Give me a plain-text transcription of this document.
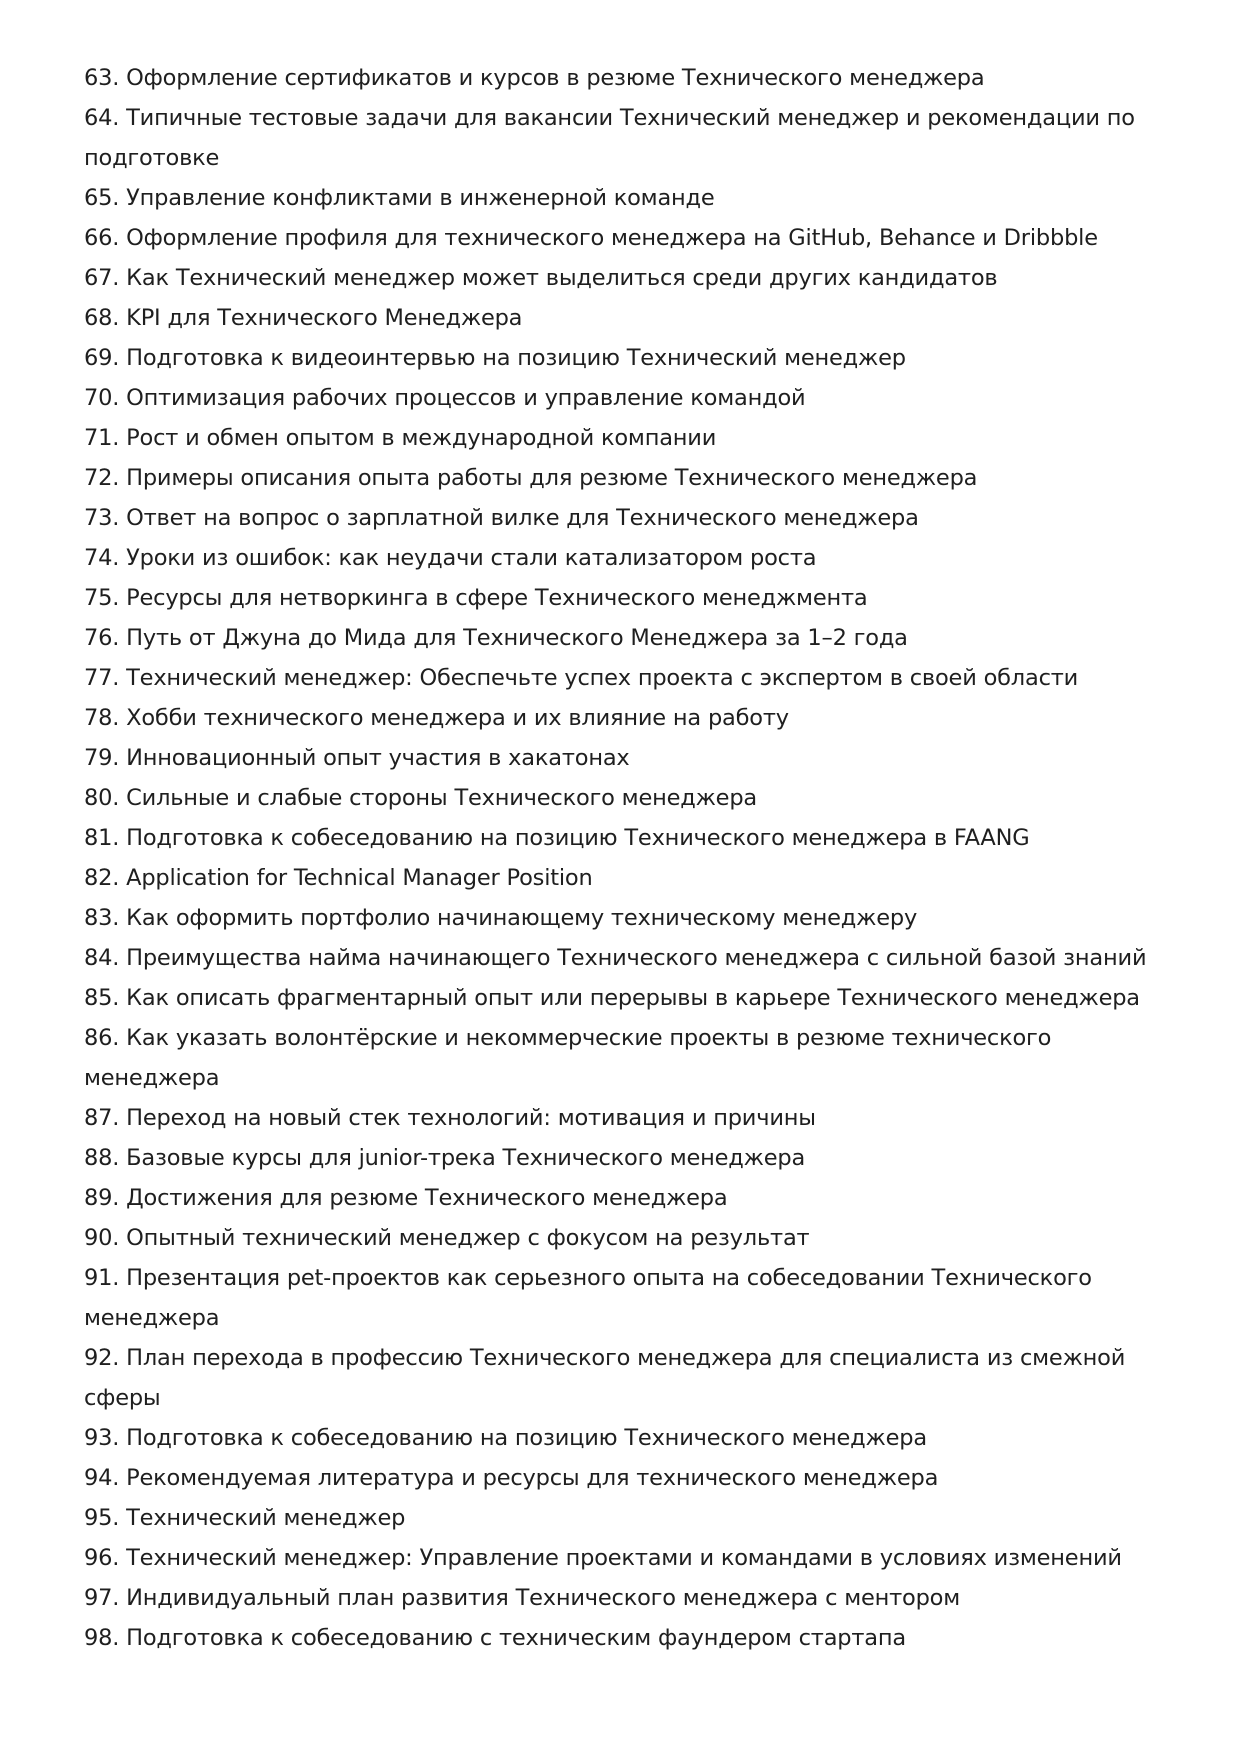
63. Оформление сертификатов и курсов в резюме Технического менеджера
64. Типичные тестовые задачи для вакансии Технический менеджер и рекомендации по подготовке
65. Управление конфликтами в инженерной команде
66. Оформление профиля для технического менеджера на GitHub, Behance и Dribbble
67. Как Технический менеджер может выделиться среди других кандидатов
68. KPI для Технического Менеджера
69. Подготовка к видеоинтервью на позицию Технический менеджер
70. Оптимизация рабочих процессов и управление командой
71. Рост и обмен опытом в международной компании
72. Примеры описания опыта работы для резюме Технического менеджера
73. Ответ на вопрос о зарплатной вилке для Технического менеджера
74. Уроки из ошибок: как неудачи стали катализатором роста
75. Ресурсы для нетворкинга в сфере Технического менеджмента
76. Путь от Джуна до Мида для Технического Менеджера за 1–2 года
77. Технический менеджер: Обеспечьте успех проекта с экспертом в своей области
78. Хобби технического менеджера и их влияние на работу
79. Инновационный опыт участия в хакатонах
80. Сильные и слабые стороны Технического менеджера
81. Подготовка к собеседованию на позицию Технического менеджера в FAANG
82. Application for Technical Manager Position
83. Как оформить портфолио начинающему техническому менеджеру
84. Преимущества найма начинающего Технического менеджера с сильной базой знаний
85. Как описать фрагментарный опыт или перерывы в карьере Технического менеджера
86. Как указать волонтёрские и некоммерческие проекты в резюме технического менеджера
87. Переход на новый стек технологий: мотивация и причины
88. Базовые курсы для junior-трека Технического менеджера
89. Достижения для резюме Технического менеджера
90. Опытный технический менеджер с фокусом на результат
91. Презентация pet-проектов как серьезного опыта на собеседовании Технического менеджера
92. План перехода в профессию Технического менеджера для специалиста из смежной сферы
93. Подготовка к собеседованию на позицию Технического менеджера
94. Рекомендуемая литература и ресурсы для технического менеджера
95. Технический менеджер
96. Технический менеджер: Управление проектами и командами в условиях изменений
97. Индивидуальный план развития Технического менеджера с ментором
98. Подготовка к собеседованию с техническим фаундером стартапа
